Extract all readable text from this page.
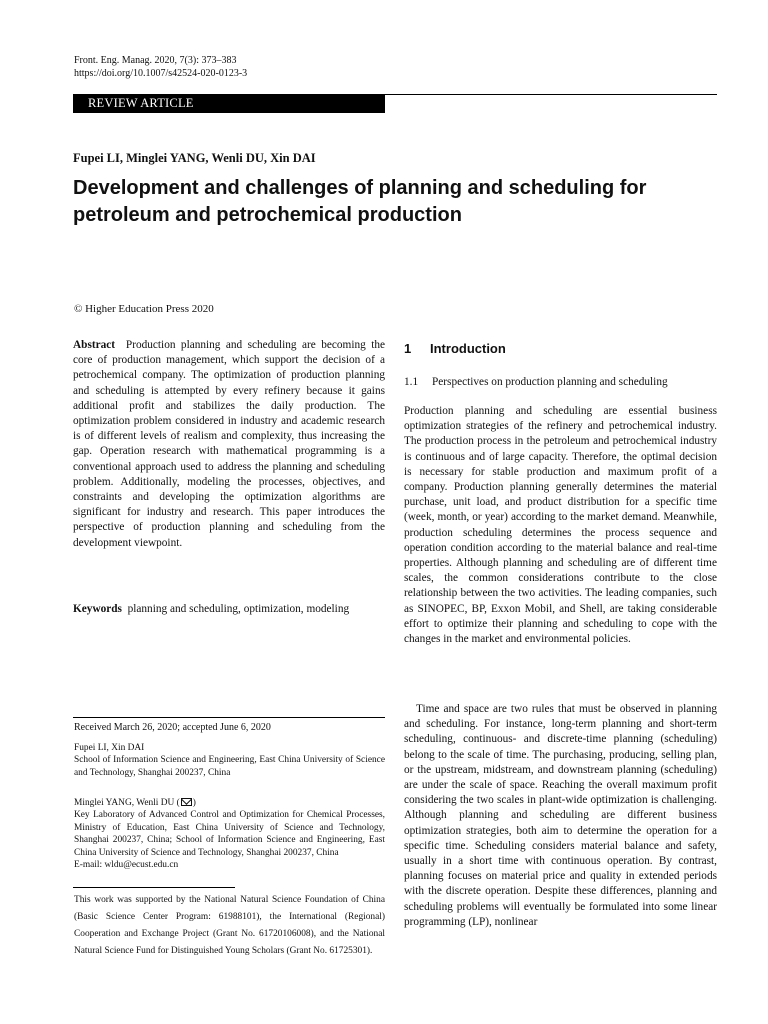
Front. Eng. Manag. 2020, 7(3): 373–383
https://doi.org/10.1007/s42524-020-0123-3
REVIEW ARTICLE
Fupei LI, Minglei YANG, Wenli DU, Xin DAI
Development and challenges of planning and scheduling for petroleum and petrochemical production
© Higher Education Press 2020
Abstract Production planning and scheduling are becoming the core of production management, which support the decision of a petrochemical company. The optimization of production planning and scheduling is attempted by every refinery because it gains additional profit and stabilizes the daily production. The optimization problem considered in industry and academic research is of different levels of realism and complexity, thus increasing the gap. Operation research with mathematical programming is a conventional approach used to address the planning and scheduling problem. Additionally, modeling the processes, objectives, and constraints and developing the optimization algorithms are significant for industry and research. This paper introduces the perspective of production planning and scheduling from the development viewpoint.
Keywords planning and scheduling, optimization, modeling
Received March 26, 2020; accepted June 6, 2020
Fupei LI, Xin DAI
School of Information Science and Engineering, East China University of Science and Technology, Shanghai 200237, China
Minglei YANG, Wenli DU ( )
Key Laboratory of Advanced Control and Optimization for Chemical Processes, Ministry of Education, East China University of Science and Technology, Shanghai 200237, China; School of Information Science and Engineering, East China University of Science and Technology, Shanghai 200237, China
E-mail: wldu@ecust.edu.cn
This work was supported by the National Natural Science Foundation of China (Basic Science Center Program: 61988101), the International (Regional) Cooperation and Exchange Project (Grant No. 61720106008), and the National Natural Science Fund for Distinguished Young Scholars (Grant No. 61725301).
1 Introduction
1.1 Perspectives on production planning and scheduling

Production planning and scheduling are essential business optimization strategies of the refinery and petrochemical industry. The production process in the petroleum and petrochemical industry is continuous and of large capacity. Therefore, the optimal decision is necessary for stable production and maximum profit of a company. Production planning generally determines the material purchase, unit load, and product distribution for a specific time (week, month, or year) according to the market demand. Meanwhile, production scheduling determines the process sequence and operation condition according to the material balance and real-time properties. Although planning and scheduling are of different time scales, the common considerations contribute to the close relationship between the two activities. The leading companies, such as SINOPEC, BP, Exxon Mobil, and Shell, are taking considerable effort to optimize their planning and scheduling to cope with the changes in the market and environmental policies.

Time and space are two rules that must be observed in planning and scheduling. For instance, long-term planning and short-term scheduling, continuous- and discrete-time planning (scheduling) belong to the scale of time. The purchasing, producing, selling plan, or the upstream, midstream, and downstream planning (scheduling) are under the scale of space. Reaching the overall maximum profit considering the two scales in plant-wide optimization is challenging. Although planning and scheduling are different business optimization strategies, both aim to determine the operation for a specific time. Scheduling considers material balance and safety, usually in a short time with continuous operation. By contrast, planning focuses on material price and quality in extended periods with the discrete operation. Despite these differences, planning and scheduling problems will eventually be formulated into some linear programming (LP), nonlinear
